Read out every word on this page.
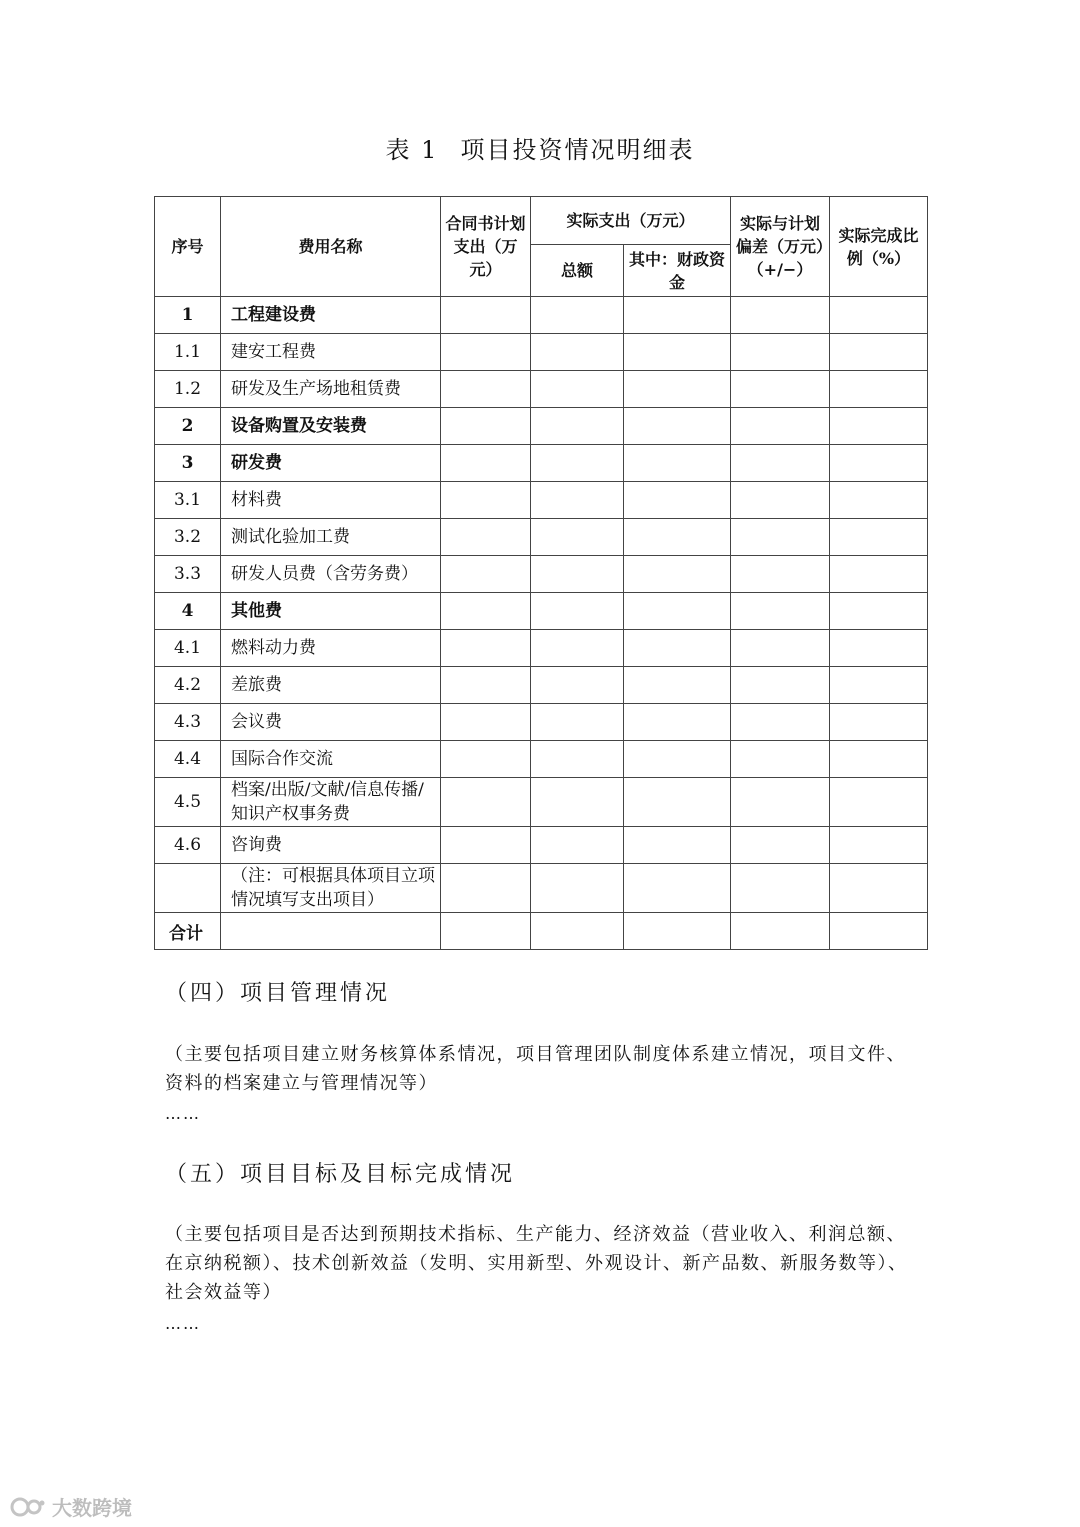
表 1 项目投资情况明细表
序号	费用名称	合同书计划支出（万元）	实际支出（万元）		实际与计划偏差（万元）（+/−）	实际完成比例（%）
			总额	其中：财政资金		
1	工程建设费					
1.1	建安工程费					
1.2	研发及生产场地租赁费					
2	设备购置及安装费					
3	研发费					
3.1	材料费					
3.2	测试化验加工费					
3.3	研发人员费（含劳务费）					
4	其他费					
4.1	燃料动力费					
4.2	差旅费					
4.3	会议费					
4.4	国际合作交流					
4.5	档案/出版/文献/信息传播/知识产权事务费					
4.6	咨询费					
	（注：可根据具体项目立项情况填写支出项目）					
合计						
（四）项目管理情况
（主要包括项目建立财务核算体系情况，项目管理团队制度体系建立情况，项目文件、资料的档案建立与管理情况等）
……
（五）项目目标及目标完成情况
（主要包括项目是否达到预期技术指标、生产能力、经济效益（营业收入、利润总额、在京纳税额）、技术创新效益（发明、实用新型、外观设计、新产品数、新服务数等）、社会效益等）
……
大数跨境
